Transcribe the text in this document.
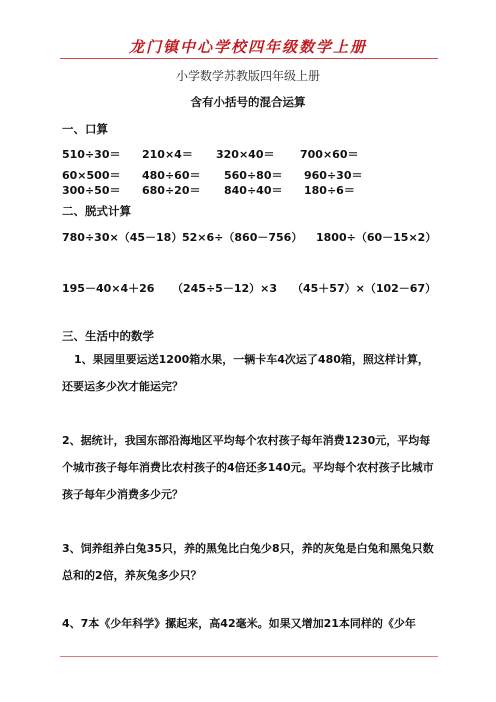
龙门镇中心学校四年级数学上册
小学数学苏教版四年级上册
含有小括号的混合运算
一、口算
510÷30＝ 210×4＝ 320×40＝ 700×60＝
60×500＝ 480÷60＝ 560÷80＝ 960÷30＝
300÷50＝ 680÷20＝ 840÷40＝ 180÷6＝
二、脱式计算
780÷30×（45－18） 52×6÷（860－756） 1800÷（60－15×2）
195－40×4＋26 （245÷5－12）×3 （45＋57）×（102－67）
三、生活中的数学
1、果园里要运送1200箱水果，一辆卡车4次运了480箱，照这样计算，还要运多少次才能运完？
2、据统计，我国东部沿海地区平均每个农村孩子每年消费1230元，平均每个城市孩子每年消费比农村孩子的4倍还多140元。平均每个农村孩子比城市孩子每年少消费多少元？
3、饲养组养白兔35只，养的黑兔比白兔少8只，养的灰兔是白兔和黑兔只数总和的2倍，养灰兔多少只？
4、7本《少年科学》摞起来，高42毫米。如果又增加21本同样的《少年
